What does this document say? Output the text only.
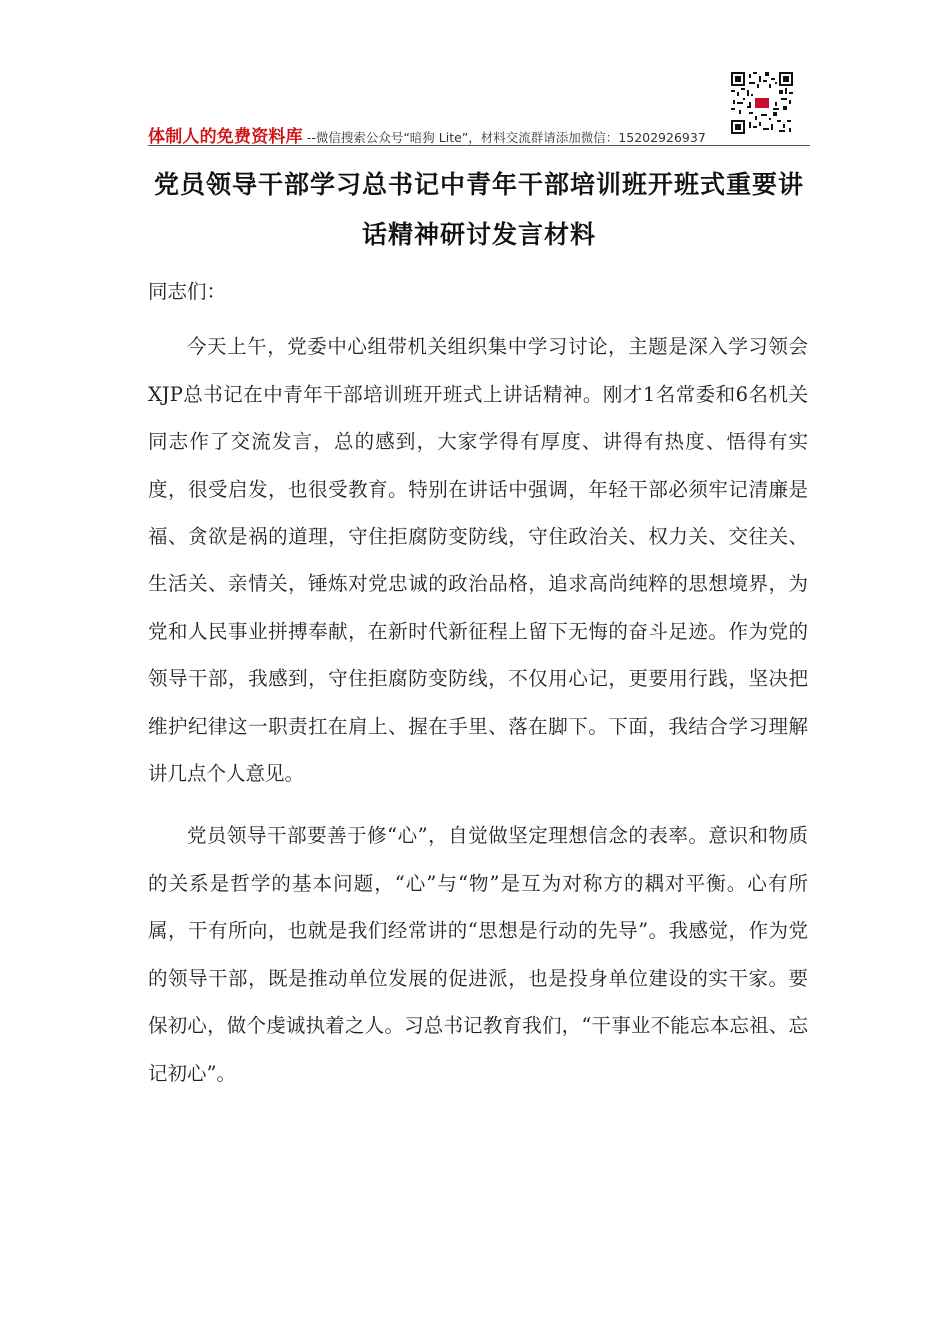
体制人的免费资料库 --微信搜索公众号“暗狗 Lite”，材料交流群请添加微信：15202926937
党员领导干部学习总书记中青年干部培训班开班式重要讲
话精神研讨发言材料

同志们：

今天上午，党委中心组带机关组织集中学习讨论，主题是深入学习领会XJP总书记在中青年干部培训班开班式上讲话精神。刚才1名常委和6名机关同志作了交流发言，总的感到，大家学得有厚度、讲得有热度、悟得有实度，很受启发，也很受教育。特别在讲话中强调，年轻干部必须牢记清廉是福、贪欲是祸的道理，守住拒腐防变防线，守住政治关、权力关、交往关、生活关、亲情关，锤炼对党忠诚的政治品格，追求高尚纯粹的思想境界，为党和人民事业拼搏奉献，在新时代新征程上留下无悔的奋斗足迹。作为党的领导干部，我感到，守住拒腐防变防线，不仅用心记，更要用行践，坚决把维护纪律这一职责扛在肩上、握在手里、落在脚下。下面，我结合学习理解讲几点个人意见。

党员领导干部要善于修“心”，自觉做坚定理想信念的表率。意识和物质的关系是哲学的基本问题，“心”与“物”是互为对称方的耦对平衡。心有所属，干有所向，也就是我们经常讲的“思想是行动的先导”。我感觉，作为党的领导干部，既是推动单位发展的促进派，也是投身单位建设的实干家。要保初心，做个虔诚执着之人。习总书记教育我们，“干事业不能忘本忘祖、忘记初心”。
